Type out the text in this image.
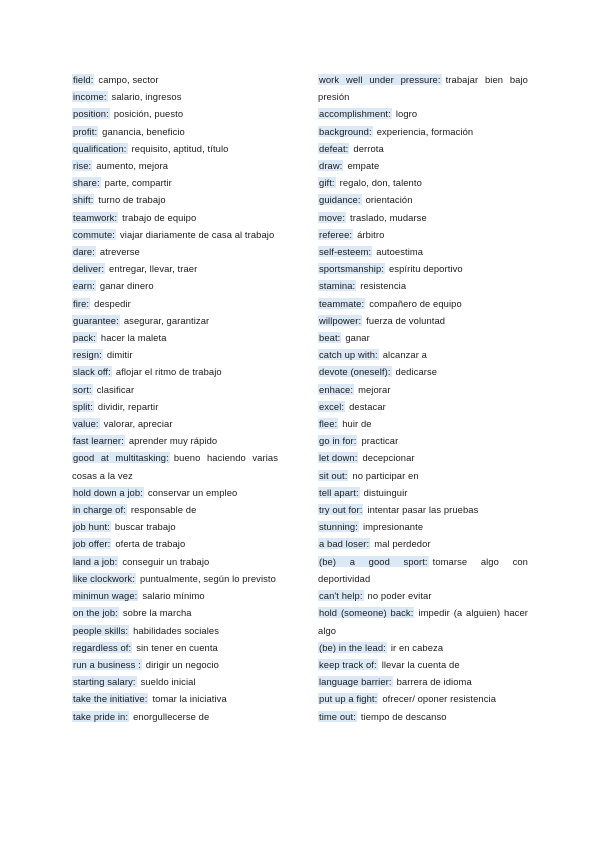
field: campo, sector
income: salario, ingresos
position: posición, puesto
profit: ganancia, beneficio
qualification: requisito, aptitud, título
rise: aumento, mejora
share: parte, compartir
shift: turno de trabajo
teamwork: trabajo de equipo
commute: viajar diariamente de casa al trabajo
dare: atreverse
deliver: entregar, llevar, traer
earn: ganar dinero
fire: despedir
guarantee: asegurar, garantizar
pack: hacer la maleta
resign: dimitir
slack off: aflojar el ritmo de trabajo
sort: clasificar
split: dividir, repartir
value: valorar, apreciar
fast learner: aprender muy rápido
good at multitasking: bueno haciendo varias cosas a la vez
hold down a job: conservar un empleo
in charge of: responsable de
job hunt: buscar trabajo
job offer: oferta de trabajo
land a job: conseguir un trabajo
like clockwork: puntualmente, según lo previsto
minimun wage: salario mínimo
on the job: sobre la marcha
people skills: habilidades sociales
regardless of: sin tener en cuenta
run a business : dirigir un negocio
starting salary: sueldo inicial
take the initiative: tomar la iniciativa
take pride in: enorgullecerse de
work well under pressure: trabajar bien bajo presión
accomplishment: logro
background: experiencia, formación
defeat: derrota
draw: empate
gift: regalo, don, talento
guidance: orientación
move: traslado, mudarse
referee: árbitro
self-esteem: autoestima
sportsmanship: espíritu deportivo
stamina: resistencia
teammate: compañero de equipo
willpower: fuerza de voluntad
beat: ganar
catch up with: alcanzar a
devote (oneself): dedicarse
enhace: mejorar
excel: destacar
flee: huir de
go in for: practicar
let down: decepcionar
sit out: no participar en
tell apart: distuinguir
try out for: intentar pasar las pruebas
stunning: impresionante
a bad loser: mal perdedor
(be) a good sport: tomarse algo con deportividad
can't help: no poder evitar
hold (someone) back: impedir (a alguien) hacer algo
(be) in the lead: ir en cabeza
keep track of: llevar la cuenta de
language barrier: barrera de idioma
put up a fight: ofrecer/ oponer resistencia
time out: tiempo de descanso
